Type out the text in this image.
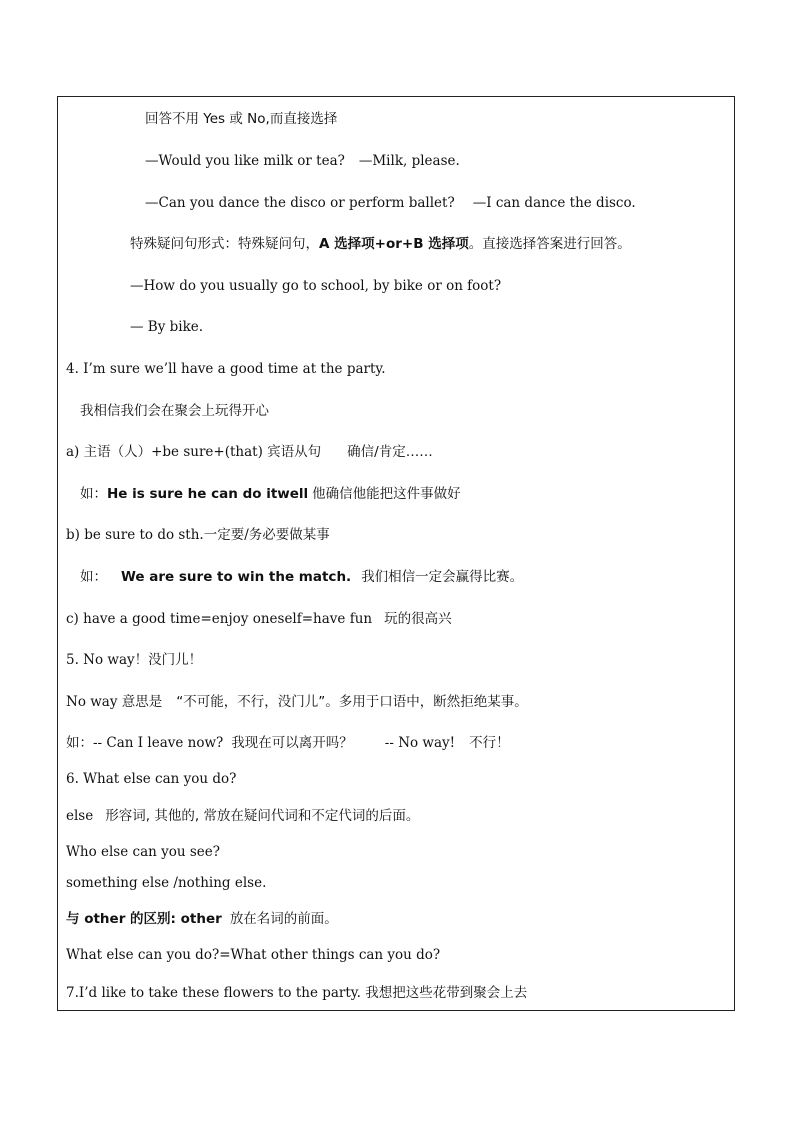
回答不用 Yes 或 No,而直接选择
—Would you like milk or tea? —Milk, please.
—Can you dance the disco or perform ballet? —I can dance the disco.
特殊疑问句形式：特殊疑问句，A 选择项+or+B 选择项。直接选择答案进行回答。
—How do you usually go to school, by bike or on foot?
— By bike.
4. I’m sure we’ll have a good time at the party.
我相信我们会在聚会上玩得开心
a) 主语（人）+be sure+(that) 宾语从句 确信/肯定……
如：He is sure he can do itwell 他确信他能把这件事做好
b) be sure to do sth.一定要/务必要做某事
如： We are sure to win the match. 我们相信一定会赢得比赛。
c) have a good time=enjoy oneself=have fun 玩的很高兴
5. No way！没门儿！
No way 意思是 “不可能，不行，没门儿”。多用于口语中，断然拒绝某事。
如：-- Can I leave now? 我现在可以离开吗？ -- No way! 不行！
6. What else can you do?
else 形容词, 其他的, 常放在疑问代词和不定代词的后面。
Who else can you see?
something else /nothing else.
与 other 的区别: other 放在名词的前面。
What else can you do?=What other things can you do?
7.I’d like to take these flowers to the party. 我想把这些花带到聚会上去
